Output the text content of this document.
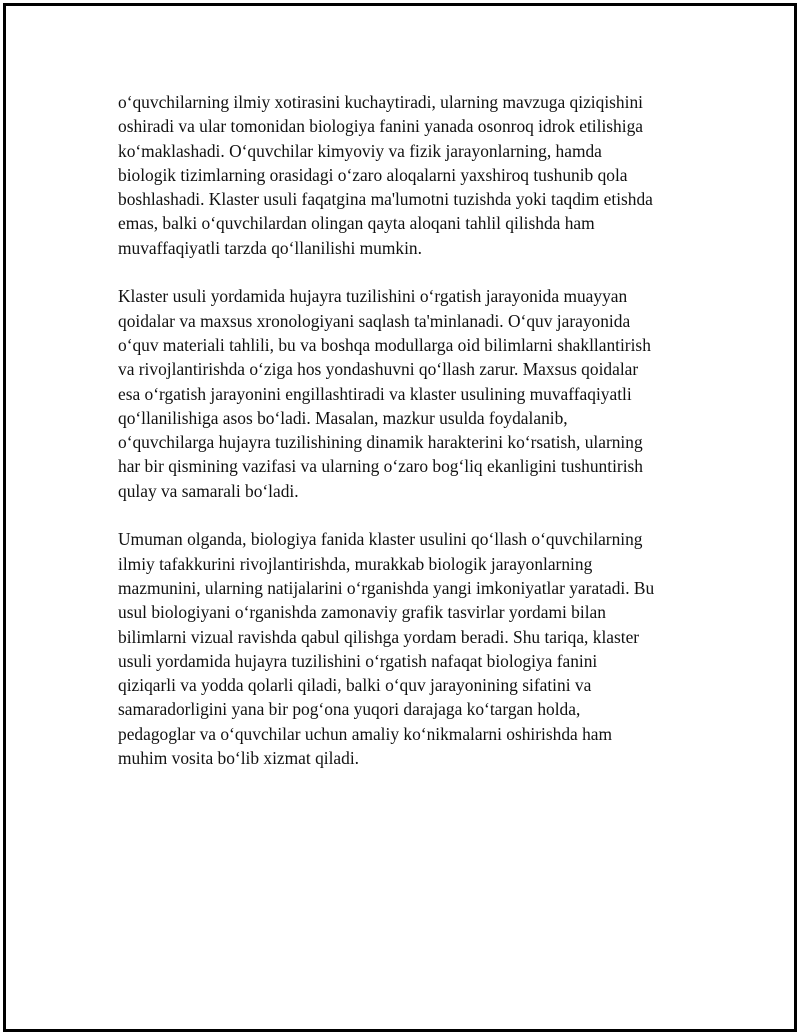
o‘quvchilarning ilmiy xotirasini kuchaytiradi, ularning mavzuga qiziqishini
oshiradi va ular tomonidan biologiya fanini yanada osonroq idrok etilishiga
ko‘maklashadi. O‘quvchilar kimyoviy va fizik jarayonlarning, hamda
biologik tizimlarning orasidagi o‘zaro aloqalarni yaxshiroq tushunib qola
boshlashadi. Klaster usuli faqatgina ma'lumotni tuzishda yoki taqdim etishda
emas, balki o‘quvchilardan olingan qayta aloqani tahlil qilishda ham
muvaffaqiyatli tarzda qo‘llanilishi mumkin.

Klaster usuli yordamida hujayra tuzilishini o‘rgatish jarayonida muayyan
qoidalar va maxsus xronologiyani saqlash ta'minlanadi. O‘quv jarayonida
o‘quv materiali tahlili, bu va boshqa modullarga oid bilimlarni shakllantirish
va rivojlantirishda o‘ziga hos yondashuvni qo‘llash zarur. Maxsus qoidalar
esa o‘rgatish jarayonini engillashtiradi va klaster usulining muvaffaqiyatli
qo‘llanilishiga asos bo‘ladi. Masalan, mazkur usulda foydalanib,
o‘quvchilarga hujayra tuzilishining dinamik harakterini ko‘rsatish, ularning
har bir qismining vazifasi va ularning o‘zaro bog‘liq ekanligini tushuntirish
qulay va samarali bo‘ladi.

Umuman olganda, biologiya fanida klaster usulini qo‘llash o‘quvchilarning
ilmiy tafakkurini rivojlantirishda, murakkab biologik jarayonlarning
mazmunini, ularning natijalarini o‘rganishda yangi imkoniyatlar yaratadi. Bu
usul biologiyani o‘rganishda zamonaviy grafik tasvirlar yordami bilan
bilimlarni vizual ravishda qabul qilishga yordam beradi. Shu tariqa, klaster
usuli yordamida hujayra tuzilishini o‘rgatish nafaqat biologiya fanini
qiziqarli va yodda qolarli qiladi, balki o‘quv jarayonining sifatini va
samaradorligini yana bir pog‘ona yuqori darajaga ko‘targan holda,
pedagoglar va o‘quvchilar uchun amaliy ko‘nikmalarni oshirishda ham
muhim vosita bo‘lib xizmat qiladi.
